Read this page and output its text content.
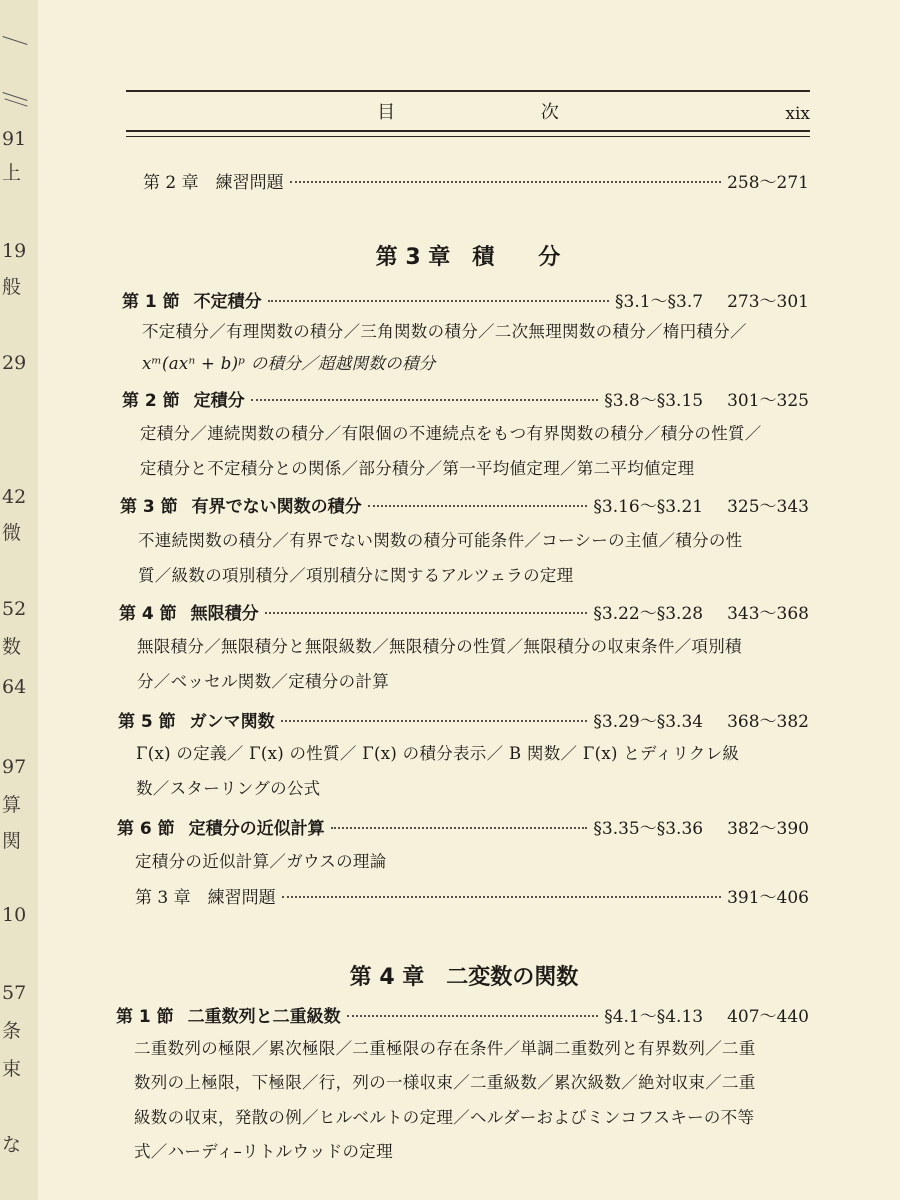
91
上
19
般
29
42
微
52
数
64
97
算
関
10
57
条
束
な
目 次	xix
第 2 章　練習問題	258〜271
第 3 章　積　　分
第 1 節 不定積分	§3.1〜§3.7 273〜301
不定積分／有理関数の積分／三角関数の積分／二次無理関数の積分／楕円積分／
xᵐ(axⁿ + b)ᵖ の積分／超越関数の積分
第 2 節 定積分	§3.8〜§3.15 301〜325
定積分／連続関数の積分／有限個の不連続点をもつ有界関数の積分／積分の性質／
定積分と不定積分との関係／部分積分／第一平均値定理／第二平均値定理
第 3 節 有界でない関数の積分	§3.16〜§3.21 325〜343
不連続関数の積分／有界でない関数の積分可能条件／コーシーの主値／積分の性
質／級数の項別積分／項別積分に関するアルツェラの定理
第 4 節 無限積分	§3.22〜§3.28 343〜368
無限積分／無限積分と無限級数／無限積分の性質／無限積分の収束条件／項別積
分／ベッセル関数／定積分の計算
第 5 節 ガンマ関数	§3.29〜§3.34 368〜382
Γ(x) の定義／ Γ(x) の性質／ Γ(x) の積分表示／ B 関数／ Γ(x) とディリクレ級
数／スターリングの公式
第 6 節 定積分の近似計算	§3.35〜§3.36 382〜390
定積分の近似計算／ガウスの理論
第 3 章　練習問題	391〜406
第 4 章　二変数の関数
第 1 節 二重数列と二重級数	§4.1〜§4.13 407〜440
二重数列の極限／累次極限／二重極限の存在条件／単調二重数列と有界数列／二重
数列の上極限，下極限／行，列の一様収束／二重級数／累次級数／絶対収束／二重
級数の収束，発散の例／ヒルベルトの定理／ヘルダーおよびミンコフスキーの不等
式／ハーディ–リトルウッドの定理
